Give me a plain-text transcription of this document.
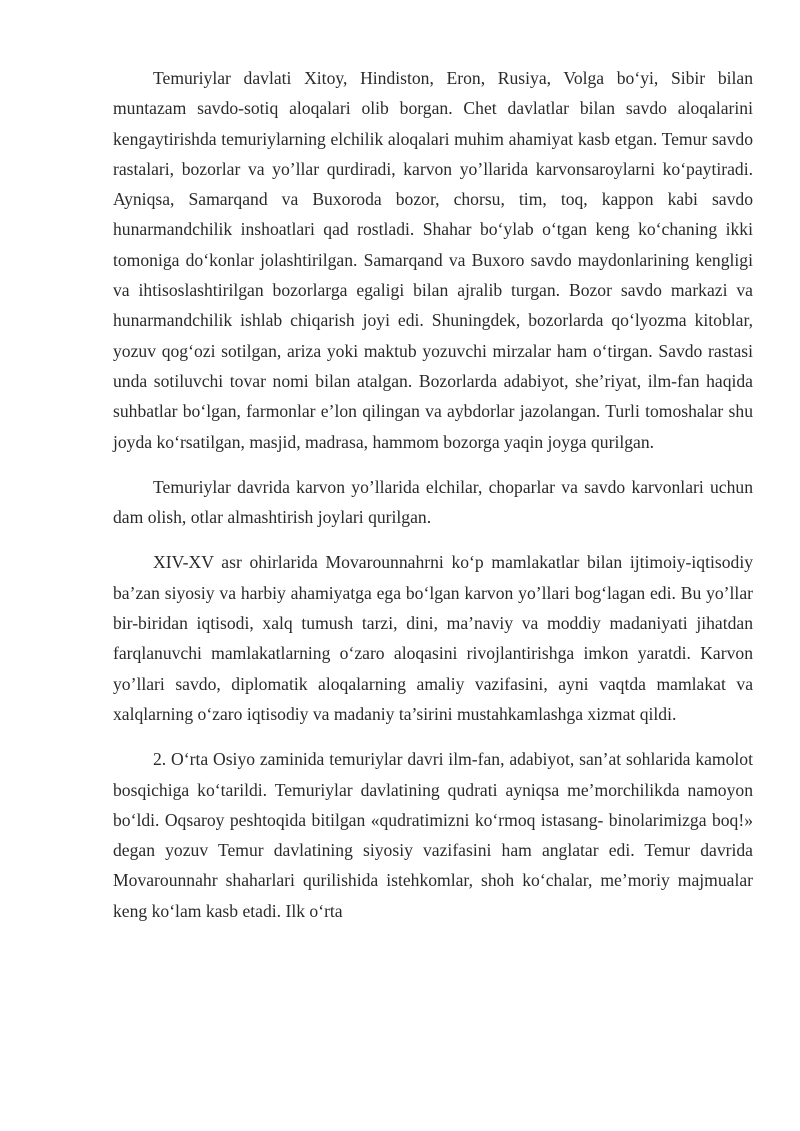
Temuriylar davlati Xitoy, Hindiston, Eron, Rusiya, Volga bo‘yi, Sibir bilan muntazam savdo-sotiq aloqalari olib borgan. Chet davlatlar bilan savdo aloqalarini kengaytirishda temuriylarning elchilik aloqalari muhim ahamiyat kasb etgan. Temur savdo rastalari, bozorlar va yo’llar qurdiradi, karvon yo’llarida karvonsaroylarni ko‘paytiradi. Ayniqsa, Samarqand va Buxoroda bozor, chorsu, tim, toq, kappon kabi savdo hunarmandchilik inshoatlari qad rostladi. Shahar bo‘ylab o‘tgan keng ko‘chaning ikki tomoniga do‘konlar jolashtirilgan. Samarqand va Buxoro savdo maydonlarining kengligi va ihtisoslashtirilgan bozorlarga egaligi bilan ajralib turgan. Bozor savdo markazi va hunarmandchilik ishlab chiqarish joyi edi. Shuningdek, bozorlarda qo‘lyozma kitoblar, yozuv qog‘ozi sotilgan, ariza yoki maktub yozuvchi mirzalar ham o‘tirgan. Savdo rastasi unda sotiluvchi tovar nomi bilan atalgan. Bozorlarda adabiyot, she’riyat, ilm-fan haqida suhbatlar bo‘lgan, farmonlar e’lon qilingan va aybdorlar jazolangan. Turli tomoshalar shu joyda ko‘rsatilgan, masjid, madrasa, hammom bozorga yaqin joyga qurilgan.

Temuriylar davrida karvon yo’llarida elchilar, choparlar va savdo karvonlari uchun dam olish, otlar almashtirish joylari qurilgan.

XIV-XV asr ohirlarida Movarounnahrni ko‘p mamlakatlar bilan ijtimoiy-iqtisodiy ba’zan siyosiy va harbiy ahamiyatga ega bo‘lgan karvon yo’llari bog‘lagan edi. Bu yo’llar bir-biridan iqtisodi, xalq tumush tarzi, dini, ma’naviy va moddiy madaniyati jihatdan farqlanuvchi mamlakatlarning o‘zaro aloqasini rivojlantirishga imkon yaratdi. Karvon yo’llari savdo, diplomatik aloqalarning amaliy vazifasini, ayni vaqtda mamlakat va xalqlarning o‘zaro iqtisodiy va madaniy ta’sirini mustahkamlashga xizmat qildi.

2. O‘rta Osiyo zaminida temuriylar davri ilm-fan, adabiyot, san’at sohlarida kamolot bosqichiga ko‘tarildi. Temuriylar davlatining qudrati ayniqsa me’morchilikda namoyon bo‘ldi. Oqsaroy peshtoqida bitilgan «qudratimizni ko‘rmoq istasang- binolarimizga boq!» degan yozuv Temur davlatining siyosiy vazifasini ham anglatar edi. Temur davrida Movarounnahr shaharlari qurilishida istehkomlar, shoh ko‘chalar, me’moriy majmualar keng ko‘lam kasb etadi. Ilk o‘rta
